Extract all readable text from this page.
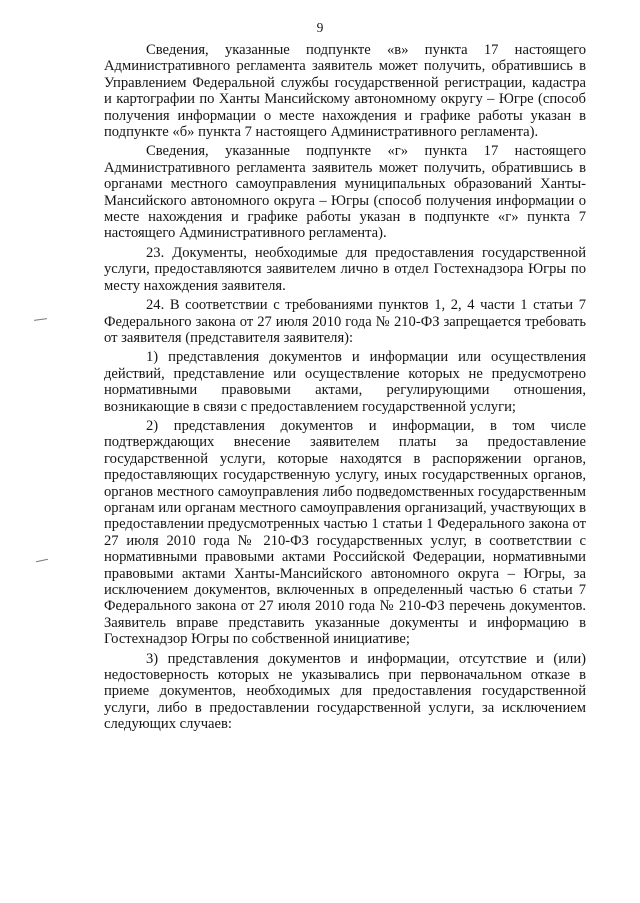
9

Сведения, указанные подпункте «в» пункта 17 настоящего Административного регламента заявитель может получить, обратившись в Управлением Федеральной службы государственной регистрации, кадастра и картографии по Ханты Мансийскому автономному округу – Югре (способ получения информации о месте нахождения и графике работы указан в подпункте «б» пункта 7 настоящего Административного регламента).

Сведения, указанные подпункте «г» пункта 17 настоящего Административного регламента заявитель может получить, обратившись в органами местного самоуправления муниципальных образований Ханты-Мансийского автономного округа – Югры (способ получения информации о месте нахождения и графике работы указан в подпункте «г» пункта 7 настоящего Административного регламента).

23. Документы, необходимые для предоставления государственной услуги, предоставляются заявителем лично в отдел Гостехнадзора Югры по месту нахождения заявителя.

24. В соответствии с требованиями пунктов 1, 2, 4 части 1 статьи 7 Федерального закона от 27 июля 2010 года № 210-ФЗ запрещается требовать от заявителя (представителя заявителя):

1) представления документов и информации или осуществления действий, представление или осуществление которых не предусмотрено нормативными правовыми актами, регулирующими отношения, возникающие в связи с предоставлением государственной услуги;

2) представления документов и информации, в том числе подтверждающих внесение заявителем платы за предоставление государственной услуги, которые находятся в распоряжении органов, предоставляющих государственную услугу, иных государственных органов, органов местного самоуправления либо подведомственных государственным органам или органам местного самоуправления организаций, участвующих в предоставлении предусмотренных частью 1 статьи 1 Федерального закона от 27 июля 2010 года № 210-ФЗ государственных услуг, в соответствии с нормативными правовыми актами Российской Федерации, нормативными правовыми актами Ханты-Мансийского автономного округа – Югры, за исключением документов, включенных в определенный частью 6 статьи 7 Федерального закона от 27 июля 2010 года № 210-ФЗ перечень документов. Заявитель вправе представить указанные документы и информацию в Гостехнадзор Югры по собственной инициативе;

3) представления документов и информации, отсутствие и (или) недостоверность которых не указывались при первоначальном отказе в приеме документов, необходимых для предоставления государственной услуги, либо в предоставлении государственной услуги, за исключением следующих случаев:
